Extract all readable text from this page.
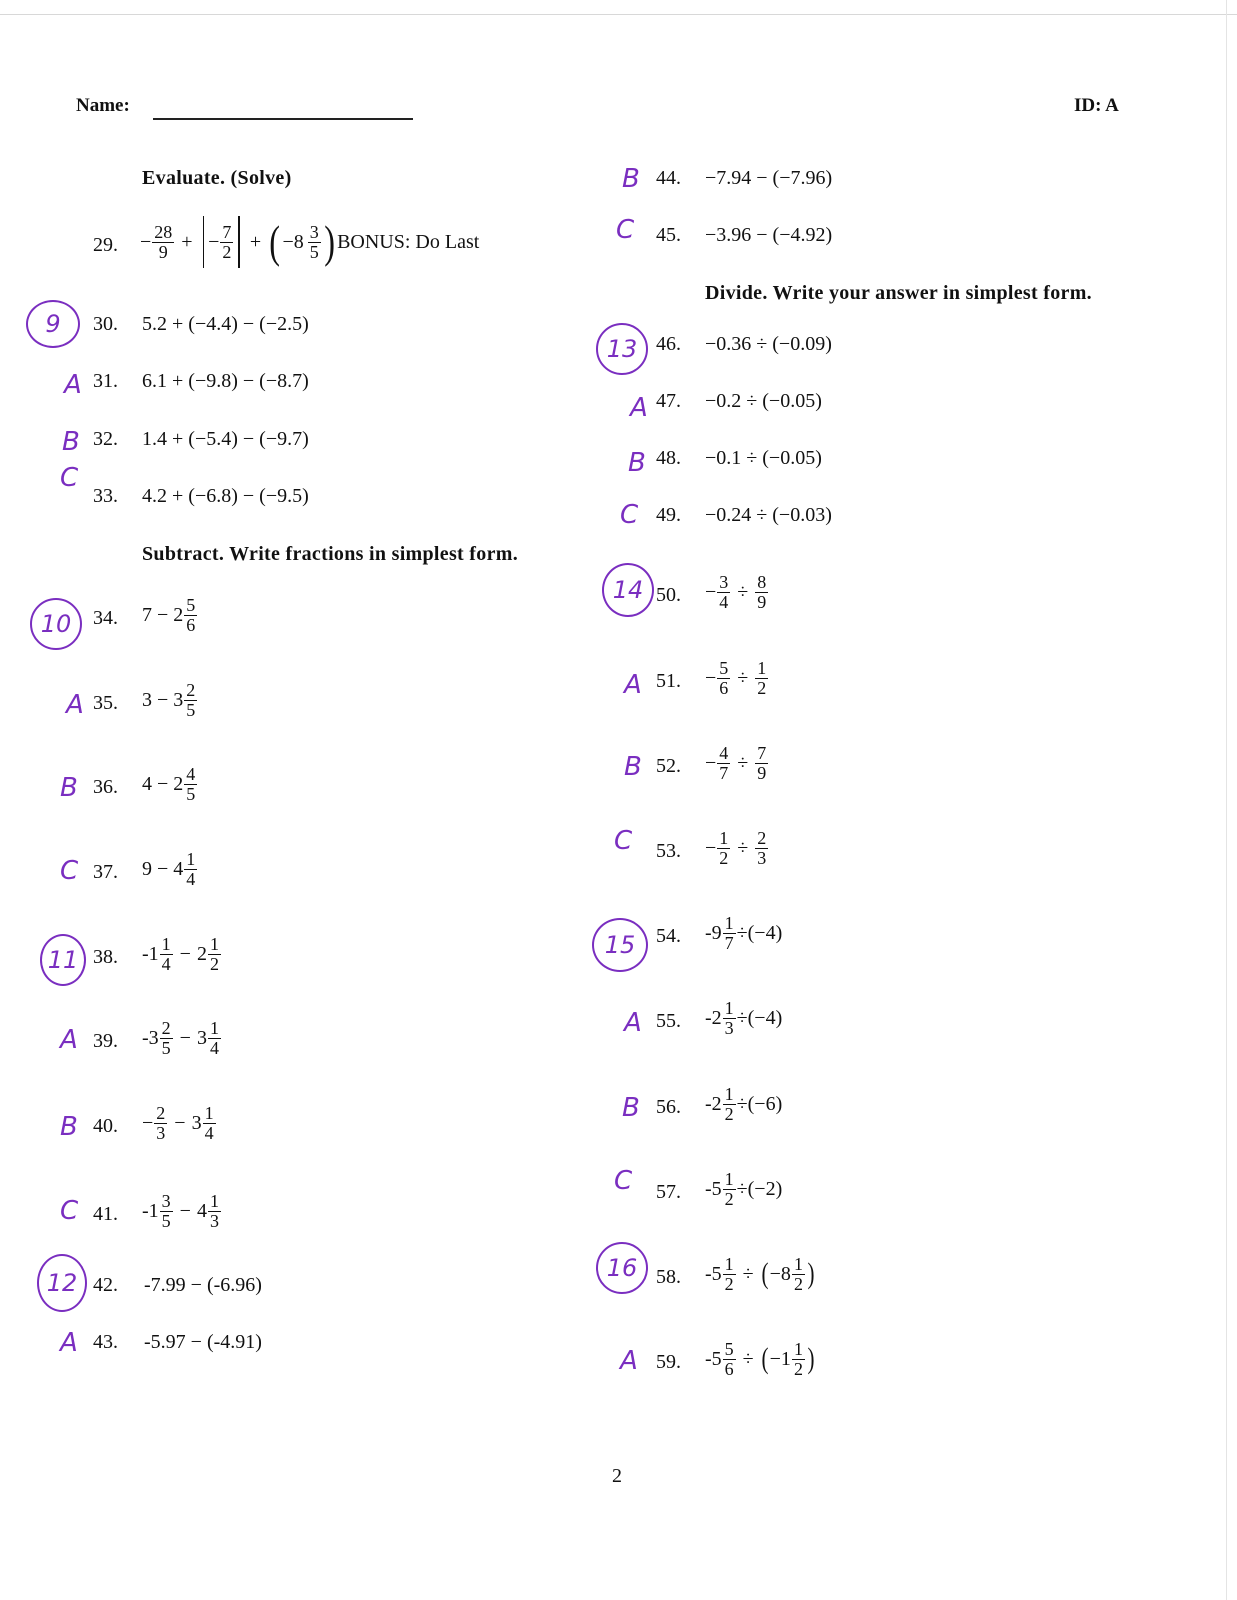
Name:	ID: A
Evaluate. (Solve)
29. − $\frac{28}{9}$ + − $\frac{7}{2}$ + ( − $8 \frac{3}{5}$ ) BONUS: Do Last
9	30. 5.2 + (−4.4) − (−2.5)
A 31. 6.1 + (−9.8) − (−8.7)
B 32. 1.4 + (−5.4) − (−9.7)
C
33. 4.2 + (−6.8) − (−9.5)
Subtract. Write fractions in simplest form.
10	34. $7 - 2 \frac{5}{6}$
A 35. $3 - 3 \frac{2}{5}$
B 36. $4 - 2 \frac{4}{5}$
C 37. $9 - 4 \frac{1}{4}$
11 38. $-1 \frac{1}{4} - 2 \frac{1}{2}$
A 39. $-3 \frac{2}{5} - 3 \frac{1}{4}$
B 40. − $\frac{2}{3} - 3 \frac{1}{4}$
C 41. $-1 \frac{3}{5} - 4 \frac{1}{3}$
12 42. -7.99 − (-6.96)
A 43. -5.97 − (-4.91)
B 44. −7.94 − (−7.96)
C 45. −3.96 − (−4.92)
Divide. Write your answer in simplest form.
13 46. −0.36 ÷ (−0.09)
A 47. −0.2 ÷ (−0.05)
B 48. −0.1 ÷ (−0.05)
C 49. −0.24 ÷ (−0.03)
14 50. − $\frac{3}{4} \div \frac{8}{9}$
A 51. − $\frac{5}{6} \div \frac{1}{2}$
B 52. − $\frac{4}{7} \div \frac{7}{9}$
C 53. − $\frac{1}{2} \div \frac{2}{3}$
15	54. $-9 \frac{1}{7} \div(-4)$
A 55. $-2 \frac{1}{3} \div(-4)$
B 56. $-2 \frac{1}{2} \div(-6)$
C 57. $-5 \frac{1}{2} \div(-2)$
16 58. $-5 \frac{1}{2}$ ÷ ( $-8 \frac{1}{2}$ )
A 59. $-5 \frac{5}{6}$ ÷ ( $-1 \frac{1}{2}$ )
2
